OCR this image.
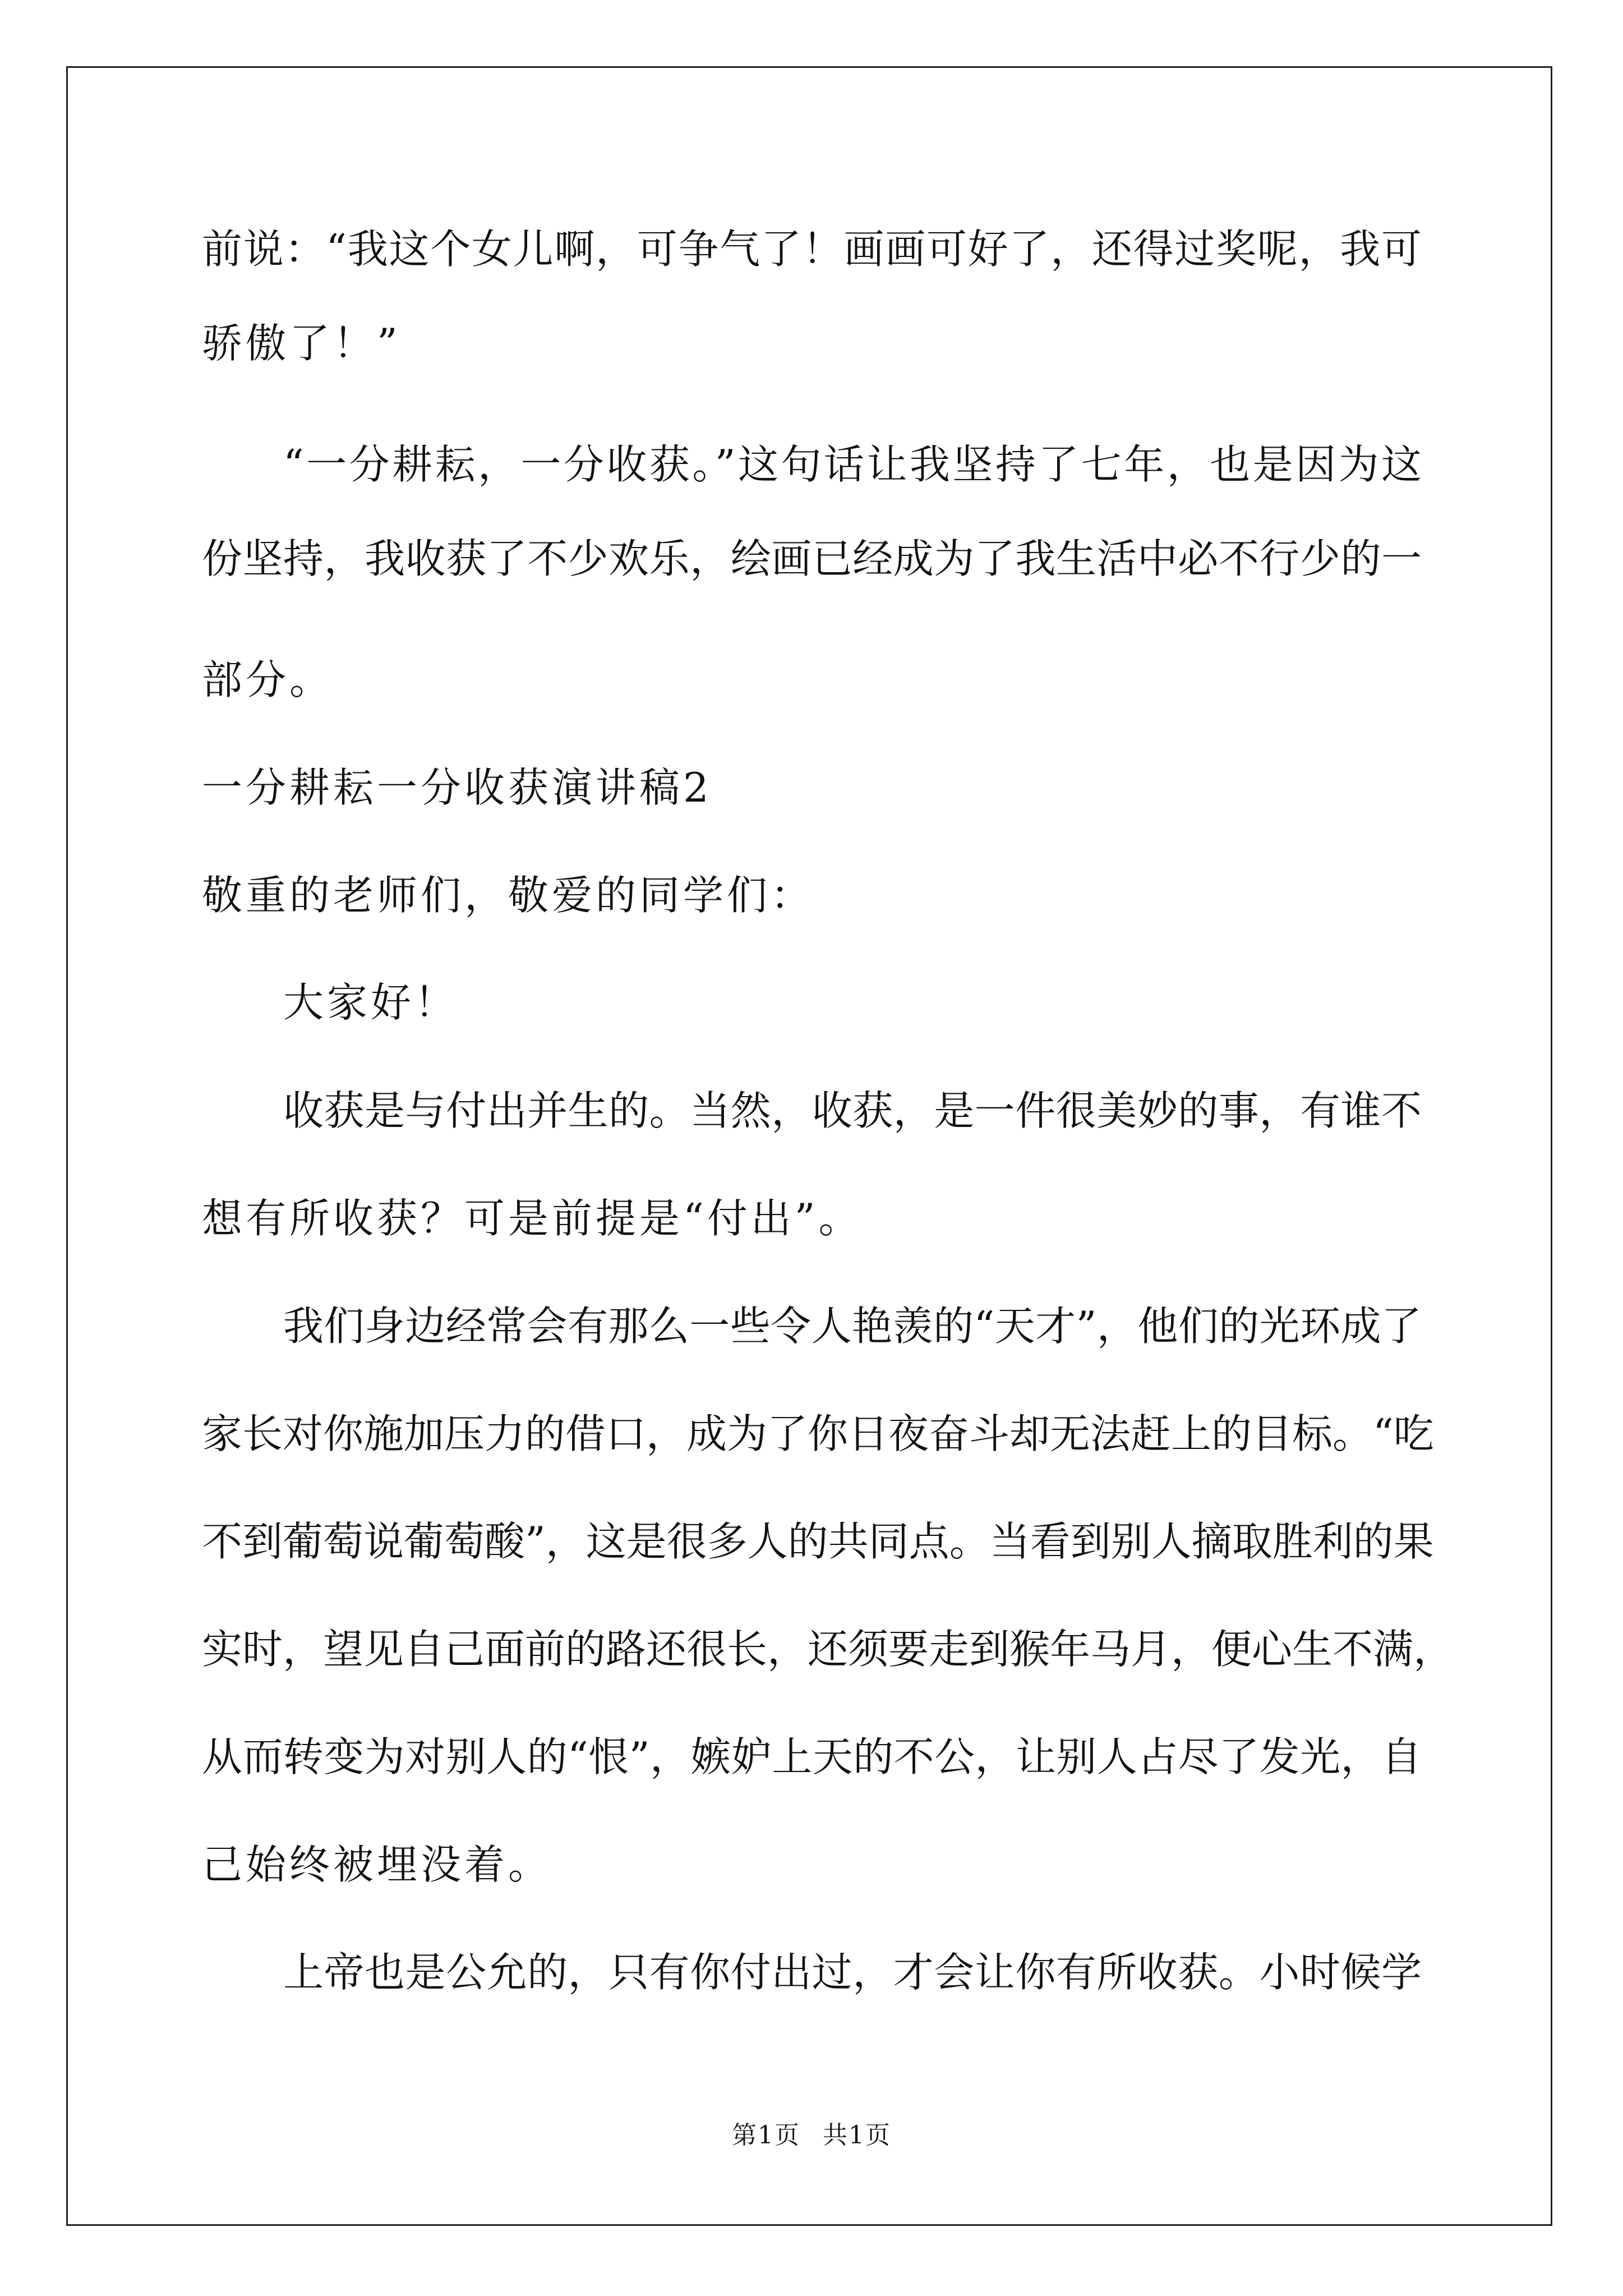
前说：“我这个女儿啊，可争气了！画画可好了，还得过奖呢，我可
骄傲了！”
“一分耕耘，一分收获。”这句话让我坚持了七年，也是因为这
份坚持，我收获了不少欢乐，绘画已经成为了我生活中必不行少的一
部分。
一分耕耘一分收获演讲稿2
敬重的老师们，敬爱的同学们：
大家好！
收获是与付出并生的。当然，收获，是一件很美妙的事，有谁不
想有所收获？可是前提是“付出”。
我们身边经常会有那么一些令人艳羡的“天才”，他们的光环成了
家长对你施加压力的借口，成为了你日夜奋斗却无法赶上的目标。“吃
不到葡萄说葡萄酸”，这是很多人的共同点。当看到别人摘取胜利的果
实时，望见自己面前的路还很长，还须要走到猴年马月，便心生不满，
从而转变为对别人的“恨”，嫉妒上天的不公，让别人占尽了发光，自
己始终被埋没着。
上帝也是公允的，只有你付出过，才会让你有所收获。小时候学
第1页 共1页
